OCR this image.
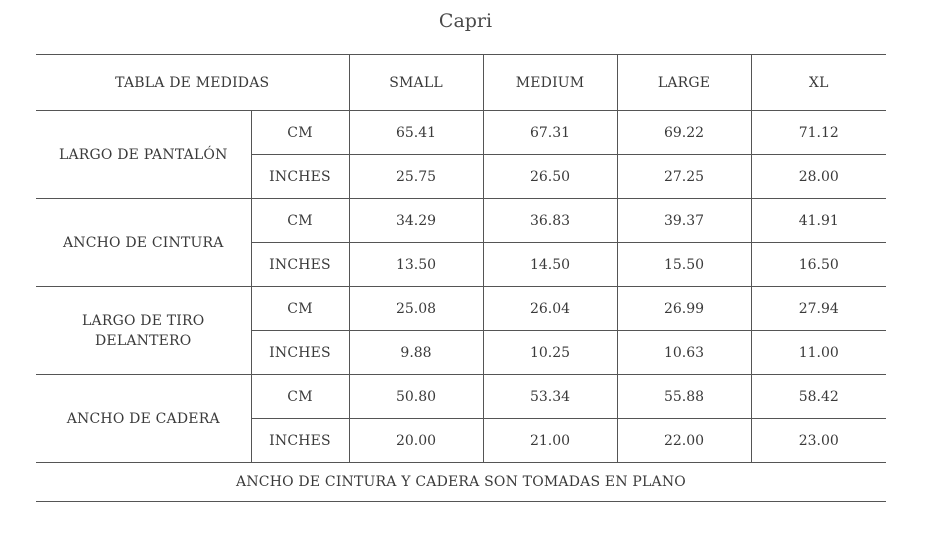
Capri
TABLA DE MEDIDAS		SMALL	MEDIUM	LARGE	XL
LARGO DE PANTALÓN	CM	65.41	67.31	69.22	71.12
	INCHES	25.75	26.50	27.25	28.00
ANCHO DE CINTURA	CM	34.29	36.83	39.37	41.91
	INCHES	13.50	14.50	15.50	16.50
LARGO DE TIRO DELANTERO	CM	25.08	26.04	26.99	27.94
	INCHES	9.88	10.25	10.63	11.00
ANCHO DE CADERA	CM	50.80	53.34	55.88	58.42
	INCHES	20.00	21.00	22.00	23.00
ANCHO DE CINTURA Y CADERA SON TOMADAS EN PLANO					
